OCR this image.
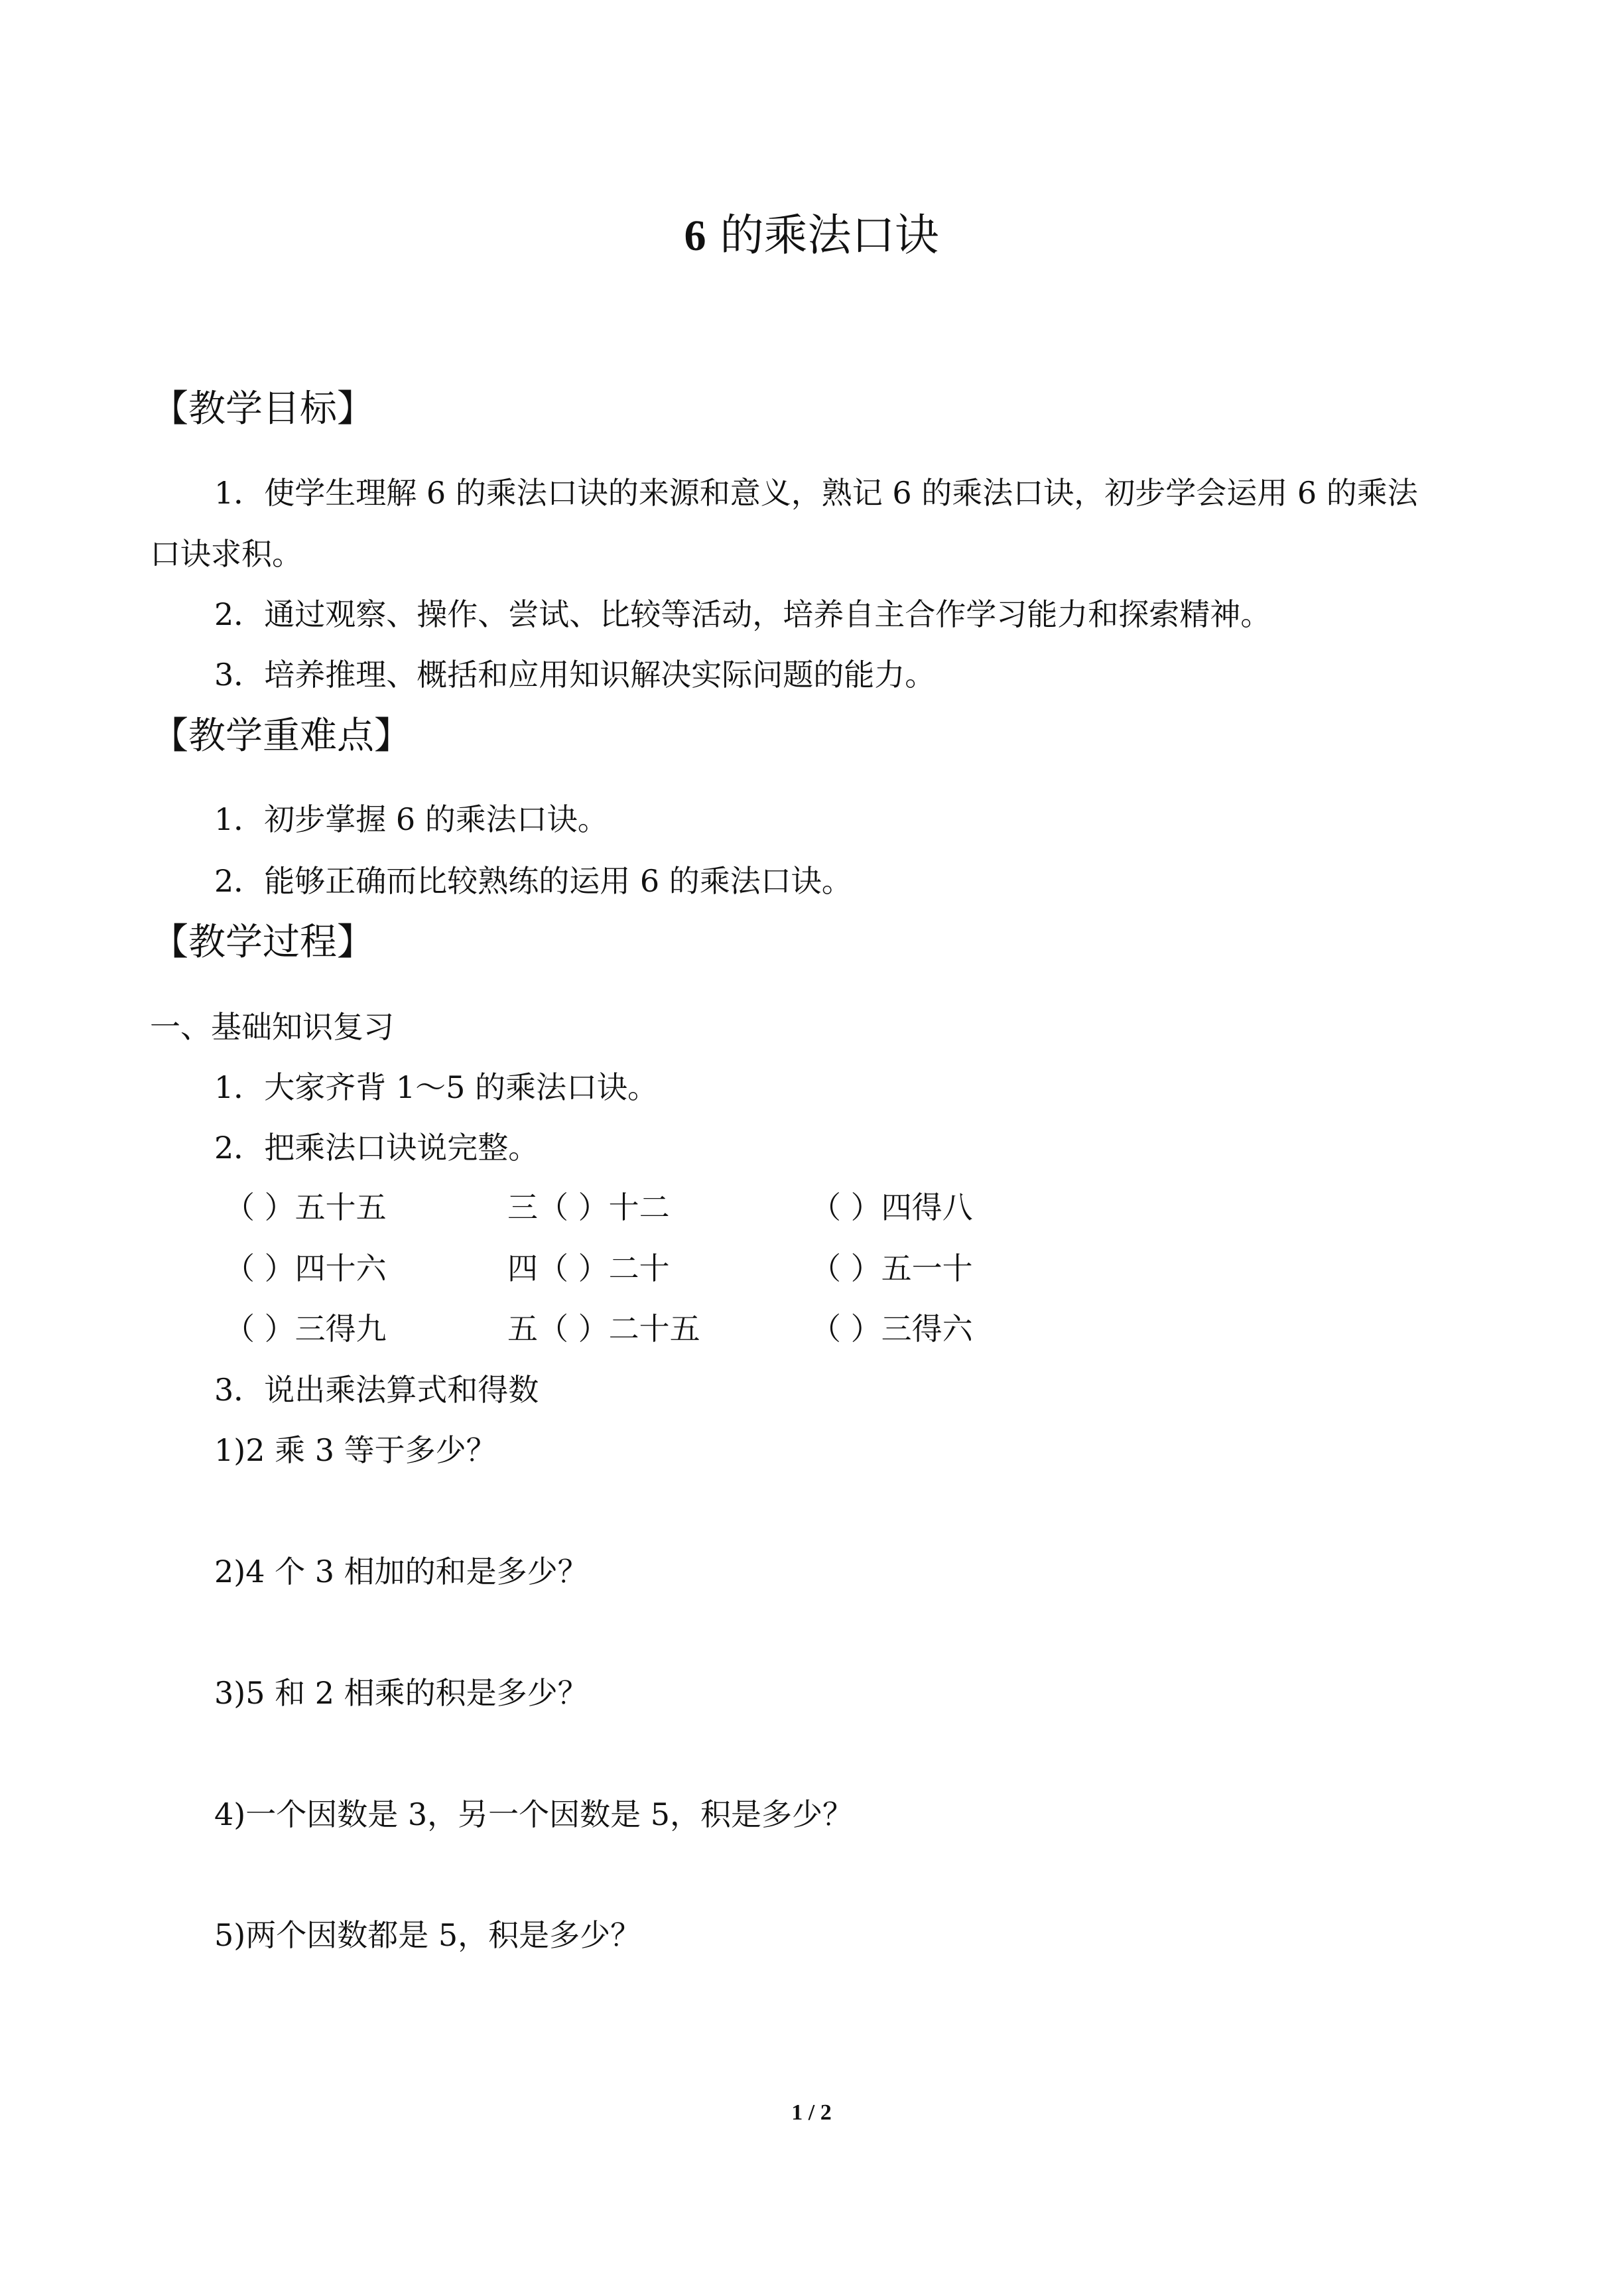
6 的乘法口诀
【教学目标】
1．使学生理解 6 的乘法口诀的来源和意义，熟记 6 的乘法口诀，初步学会运用 6 的乘法
口诀求积。
2．通过观察、操作、尝试、比较等活动，培养自主合作学习能力和探索精神。
3．培养推理、概括和应用知识解决实际问题的能力。
【教学重难点】
1．初步掌握 6 的乘法口诀。
2．能够正确而比较熟练的运用 6 的乘法口诀。
【教学过程】
一、基础知识复习
1．大家齐背 1～5 的乘法口诀。
2．把乘法口诀说完整。
（ ）五十五	三（ ）十二	（ ）四得八
（ ）四十六	四（ ）二十	（ ）五一十
（ ）三得九	五（ ）二十五	（ ）三得六
3．说出乘法算式和得数
1)2 乘 3 等于多少？
2)4 个 3 相加的和是多少？
3)5 和 2 相乘的积是多少？
4)一个因数是 3，另一个因数是 5，积是多少？
5)两个因数都是 5，积是多少？
1 / 2
